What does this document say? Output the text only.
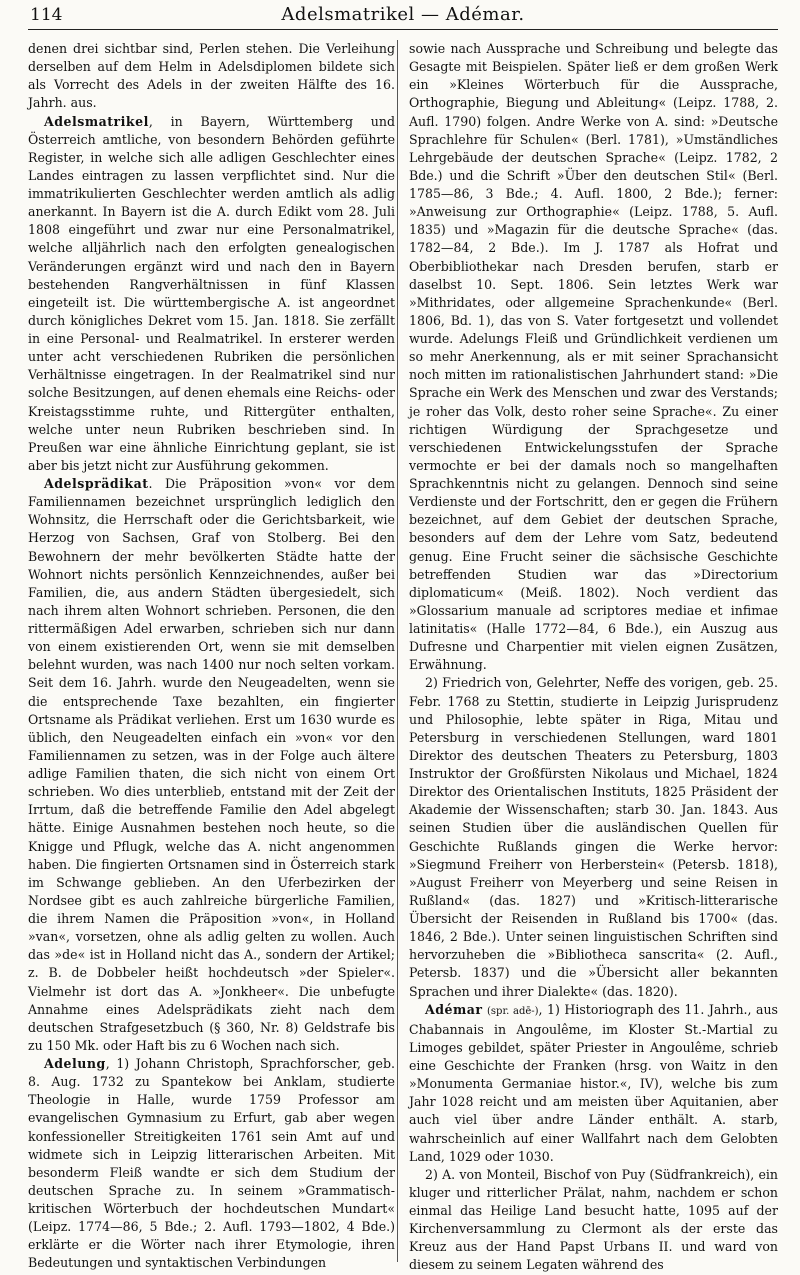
114	Adelsmatrikel — Adémar.

denen drei sichtbar sind, Perlen stehen. Die Verleihung derselben auf dem Helm in Adelsdiplomen bildete sich als Vorrecht des Adels in der zweiten Hälfte des 16. Jahrh. aus.

Adelsmatrikel, in Bayern, Württemberg und Österreich amtliche, von besondern Behörden geführte Register, in welche sich alle adligen Geschlechter eines Landes eintragen zu lassen verpflichtet sind. Nur die immatrikulierten Geschlechter werden amtlich als adlig anerkannt. In Bayern ist die A. durch Edikt vom 28. Juli 1808 eingeführt und zwar nur eine Personalmatrikel, welche alljährlich nach den erfolgten genealogischen Veränderungen ergänzt wird und nach den in Bayern bestehenden Rangverhältnissen in fünf Klassen eingeteilt ist. Die württembergische A. ist angeordnet durch königliches Dekret vom 15. Jan. 1818. Sie zerfällt in eine Personal- und Realmatrikel. In ersterer werden unter acht verschiedenen Rubriken die persönlichen Verhältnisse eingetragen. In der Realmatrikel sind nur solche Besitzungen, auf denen ehemals eine Reichs- oder Kreistagsstimme ruhte, und Rittergüter enthalten, welche unter neun Rubriken beschrieben sind. In Preußen war eine ähnliche Einrichtung geplant, sie ist aber bis jetzt nicht zur Ausführung gekommen.

Adelsprädikat. Die Präposition »von« vor dem Familiennamen bezeichnet ursprünglich lediglich den Wohnsitz, die Herrschaft oder die Gerichtsbarkeit, wie Herzog von Sachsen, Graf von Stolberg. Bei den Bewohnern der mehr bevölkerten Städte hatte der Wohnort nichts persönlich Kennzeichnendes, außer bei Familien, die, aus andern Städten übergesiedelt, sich nach ihrem alten Wohnort schrieben. Personen, die den rittermäßigen Adel erwarben, schrieben sich nur dann von einem existierenden Ort, wenn sie mit demselben belehnt wurden, was nach 1400 nur noch selten vorkam. Seit dem 16. Jahrh. wurde den Neugeadelten, wenn sie die entsprechende Taxe bezahlten, ein fingierter Ortsname als Prädikat verliehen. Erst um 1630 wurde es üblich, den Neugeadelten einfach ein »von« vor den Familiennamen zu setzen, was in der Folge auch ältere adlige Familien thaten, die sich nicht von einem Ort schrieben. Wo dies unterblieb, entstand mit der Zeit der Irrtum, daß die betreffende Familie den Adel abgelegt hätte. Einige Ausnahmen bestehen noch heute, so die Knigge und Pflugk, welche das A. nicht angenommen haben. Die fingierten Ortsnamen sind in Österreich stark im Schwange geblieben. An den Uferbezirken der Nordsee gibt es auch zahlreiche bürgerliche Familien, die ihrem Namen die Präposition »von«, in Holland »van«, vorsetzen, ohne als adlig gelten zu wollen. Auch das »de« ist in Holland nicht das A., sondern der Artikel; z. B. de Dobbeler heißt hochdeutsch »der Spieler«. Vielmehr ist dort das A. »Jonkheer«. Die unbefugte Annahme eines Adelsprädikats zieht nach dem deutschen Strafgesetzbuch (§ 360, Nr. 8) Geldstrafe bis zu 150 Mk. oder Haft bis zu 6 Wochen nach sich.

Adelung, 1) Johann Christoph, Sprachforscher, geb. 8. Aug. 1732 zu Spantekow bei Anklam, studierte Theologie in Halle, wurde 1759 Professor am evangelischen Gymnasium zu Erfurt, gab aber wegen konfessioneller Streitigkeiten 1761 sein Amt auf und widmete sich in Leipzig litterarischen Arbeiten. Mit besonderm Fleiß wandte er sich dem Studium der deutschen Sprache zu. In seinem »Grammatisch-kritischen Wörterbuch der hochdeutschen Mundart« (Leipz. 1774—86, 5 Bde.; 2. Aufl. 1793—1802, 4 Bde.) erklärte er die Wörter nach ihrer Etymologie, ihren Bedeutungen und syntaktischen Verbindungen

sowie nach Aussprache und Schreibung und belegte das Gesagte mit Beispielen. Später ließ er dem großen Werk ein »Kleines Wörterbuch für die Aussprache, Orthographie, Biegung und Ableitung« (Leipz. 1788, 2. Aufl. 1790) folgen. Andre Werke von A. sind: »Deutsche Sprachlehre für Schulen« (Berl. 1781), »Umständliches Lehrgebäude der deutschen Sprache« (Leipz. 1782, 2 Bde.) und die Schrift »Über den deutschen Stil« (Berl. 1785—86, 3 Bde.; 4. Aufl. 1800, 2 Bde.); ferner: »Anweisung zur Orthographie« (Leipz. 1788, 5. Aufl. 1835) und »Magazin für die deutsche Sprache« (das. 1782—84, 2 Bde.). Im J. 1787 als Hofrat und Oberbibliothekar nach Dresden berufen, starb er daselbst 10. Sept. 1806. Sein letztes Werk war »Mithridates, oder allgemeine Sprachenkunde« (Berl. 1806, Bd. 1), das von S. Vater fortgesetzt und vollendet wurde. Adelungs Fleiß und Gründlichkeit verdienen um so mehr Anerkennung, als er mit seiner Sprachansicht noch mitten im rationalistischen Jahrhundert stand: »Die Sprache ein Werk des Menschen und zwar des Verstands; je roher das Volk, desto roher seine Sprache«. Zu einer richtigen Würdigung der Sprachgesetze und verschiedenen Entwickelungsstufen der Sprache vermochte er bei der damals noch so mangelhaften Sprachkenntnis nicht zu gelangen. Dennoch sind seine Verdienste und der Fortschritt, den er gegen die Frühern bezeichnet, auf dem Gebiet der deutschen Sprache, besonders auf dem der Lehre vom Satz, bedeutend genug. Eine Frucht seiner die sächsische Geschichte betreffenden Studien war das »Directorium diplomaticum« (Meiß. 1802). Noch verdient das »Glossarium manuale ad scriptores mediae et infimae latinitatis« (Halle 1772—84, 6 Bde.), ein Auszug aus Dufresne und Charpentier mit vielen eignen Zusätzen, Erwähnung.

2) Friedrich von, Gelehrter, Neffe des vorigen, geb. 25. Febr. 1768 zu Stettin, studierte in Leipzig Jurisprudenz und Philosophie, lebte später in Riga, Mitau und Petersburg in verschiedenen Stellungen, ward 1801 Direktor des deutschen Theaters zu Petersburg, 1803 Instruktor der Großfürsten Nikolaus und Michael, 1824 Direktor des Orientalischen Instituts, 1825 Präsident der Akademie der Wissenschaften; starb 30. Jan. 1843. Aus seinen Studien über die ausländischen Quellen für Geschichte Rußlands gingen die Werke hervor: »Siegmund Freiherr von Herberstein« (Petersb. 1818), »August Freiherr von Meyerberg und seine Reisen in Rußland« (das. 1827) und »Kritisch-litterarische Übersicht der Reisenden in Rußland bis 1700« (das. 1846, 2 Bde.). Unter seinen linguistischen Schriften sind hervorzuheben die »Bibliotheca sanscrita« (2. Aufl., Petersb. 1837) und die »Übersicht aller bekannten Sprachen und ihrer Dialekte« (das. 1820).

Adémar (spr. adē-), 1) Historiograph des 11. Jahrh., aus Chabannais in Angoulême, im Kloster St.-Martial zu Limoges gebildet, später Priester in Angoulême, schrieb eine Geschichte der Franken (hrsg. von Waitz in den »Monumenta Germaniae histor.«, IV), welche bis zum Jahr 1028 reicht und am meisten über Aquitanien, aber auch viel über andre Länder enthält. A. starb, wahrscheinlich auf einer Wallfahrt nach dem Gelobten Land, 1029 oder 1030.

2) A. von Monteil, Bischof von Puy (Südfrankreich), ein kluger und ritterlicher Prälat, nahm, nachdem er schon einmal das Heilige Land besucht hatte, 1095 auf der Kirchenversammlung zu Clermont als der erste das Kreuz aus der Hand Papst Urbans II. und ward von diesem zu seinem Legaten während des
